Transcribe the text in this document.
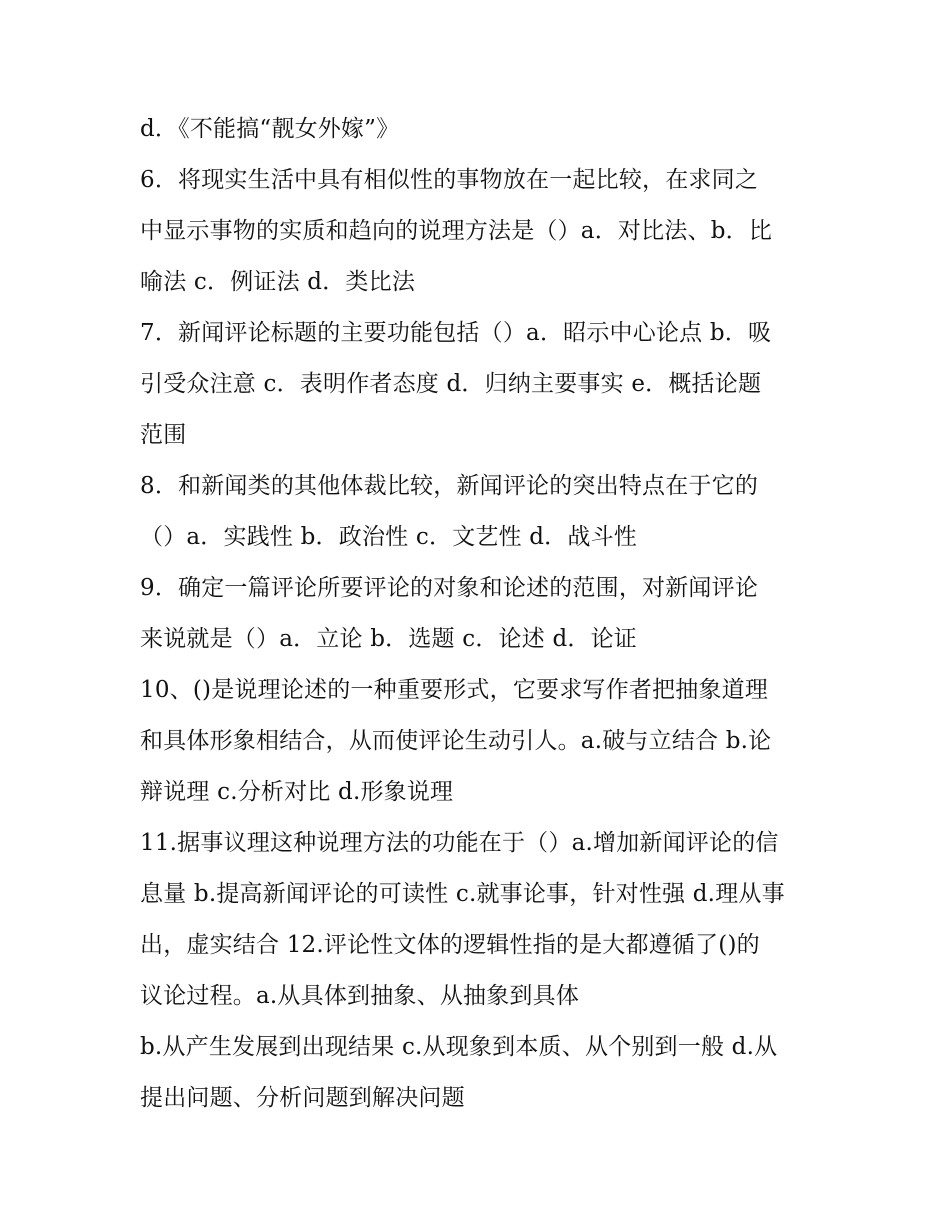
d．《不能搞“靓女外嫁”》
6．将现实生活中具有相似性的事物放在一起比较，在求同之
中显示事物的实质和趋向的说理方法是（）a．对比法、b．比
喻法 c．例证法 d．类比法
7．新闻评论标题的主要功能包括（）a．昭示中心论点 b．吸
引受众注意 c．表明作者态度 d．归纳主要事实 e．概括论题
范围
8．和新闻类的其他体裁比较，新闻评论的突出特点在于它的
（）a．实践性 b．政治性 c．文艺性 d．战斗性
9．确定一篇评论所要评论的对象和论述的范围，对新闻评论
来说就是（）a．立论 b．选题 c．论述 d．论证
10、()是说理论述的一种重要形式，它要求写作者把抽象道理
和具体形象相结合，从而使评论生动引人。a.破与立结合 b.论
辩说理 c.分析对比 d.形象说理
11.据事议理这种说理方法的功能在于（）a.增加新闻评论的信
息量 b.提高新闻评论的可读性 c.就事论事，针对性强 d.理从事
出，虚实结合 12.评论性文体的逻辑性指的是大都遵循了()的
议论过程。a.从具体到抽象、从抽象到具体
b.从产生发展到出现结果 c.从现象到本质、从个别到一般 d.从
提出问题、分析问题到解决问题
